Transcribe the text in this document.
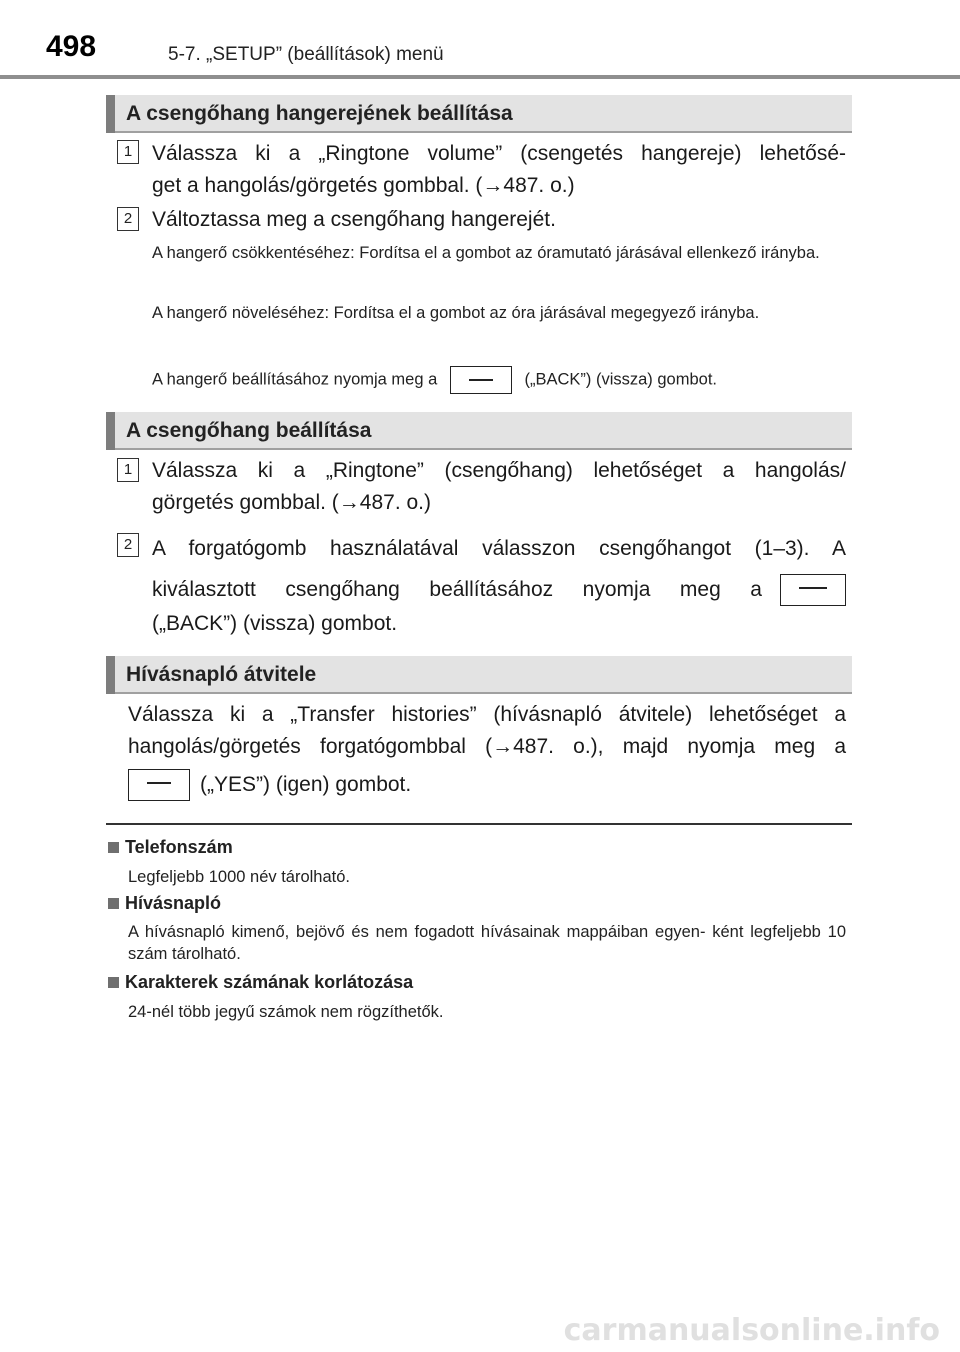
498	5-7. „SETUP” (beállítások) menü
A csengőhang hangerejének beállítása
1 Válassza ki a „Ringtone volume” (csengetés hangereje) lehetősé-
get a hangolás/görgetés gombbal. (→487. o.)
2 Változtassa meg a csengőhang hangerejét.
A hangerő csökkentéséhez: Fordítsa el a gombot az óramutató járásával ellenkező irányba.
A hangerő növeléséhez: Fordítsa el a gombot az óra járásával megegyező irányba.
A hangerő beállításához nyomja meg a	(„BACK”) (vissza) gombot.
A csengőhang beállítása
1 Válassza ki a „Ringtone” (csengőhang) lehetőséget a hangolás/
görgetés gombbal. (→487. o.)
2 A forgatógomb használatával válasszon csengőhangot (1–3). A
kiválasztott csengőhang beállításához nyomja meg a
(„BACK”) (vissza) gombot.
Hívásnapló átvitele
Válassza ki a „Transfer histories” (hívásnapló átvitele) lehetőséget a
hangolás/görgetés forgatógombbal (→487. o.), majd nyomja meg a
(„YES”) (igen) gombot.
Telefonszám
Legfeljebb 1000 név tárolható.
Hívásnapló
A hívásnapló kimenő, bejövő és nem fogadott hívásainak mappáiban egyen- ként legfeljebb 10 szám tárolható.
Karakterek számának korlátozása
24-nél több jegyű számok nem rögzíthetők.
carmanualsonline.info
